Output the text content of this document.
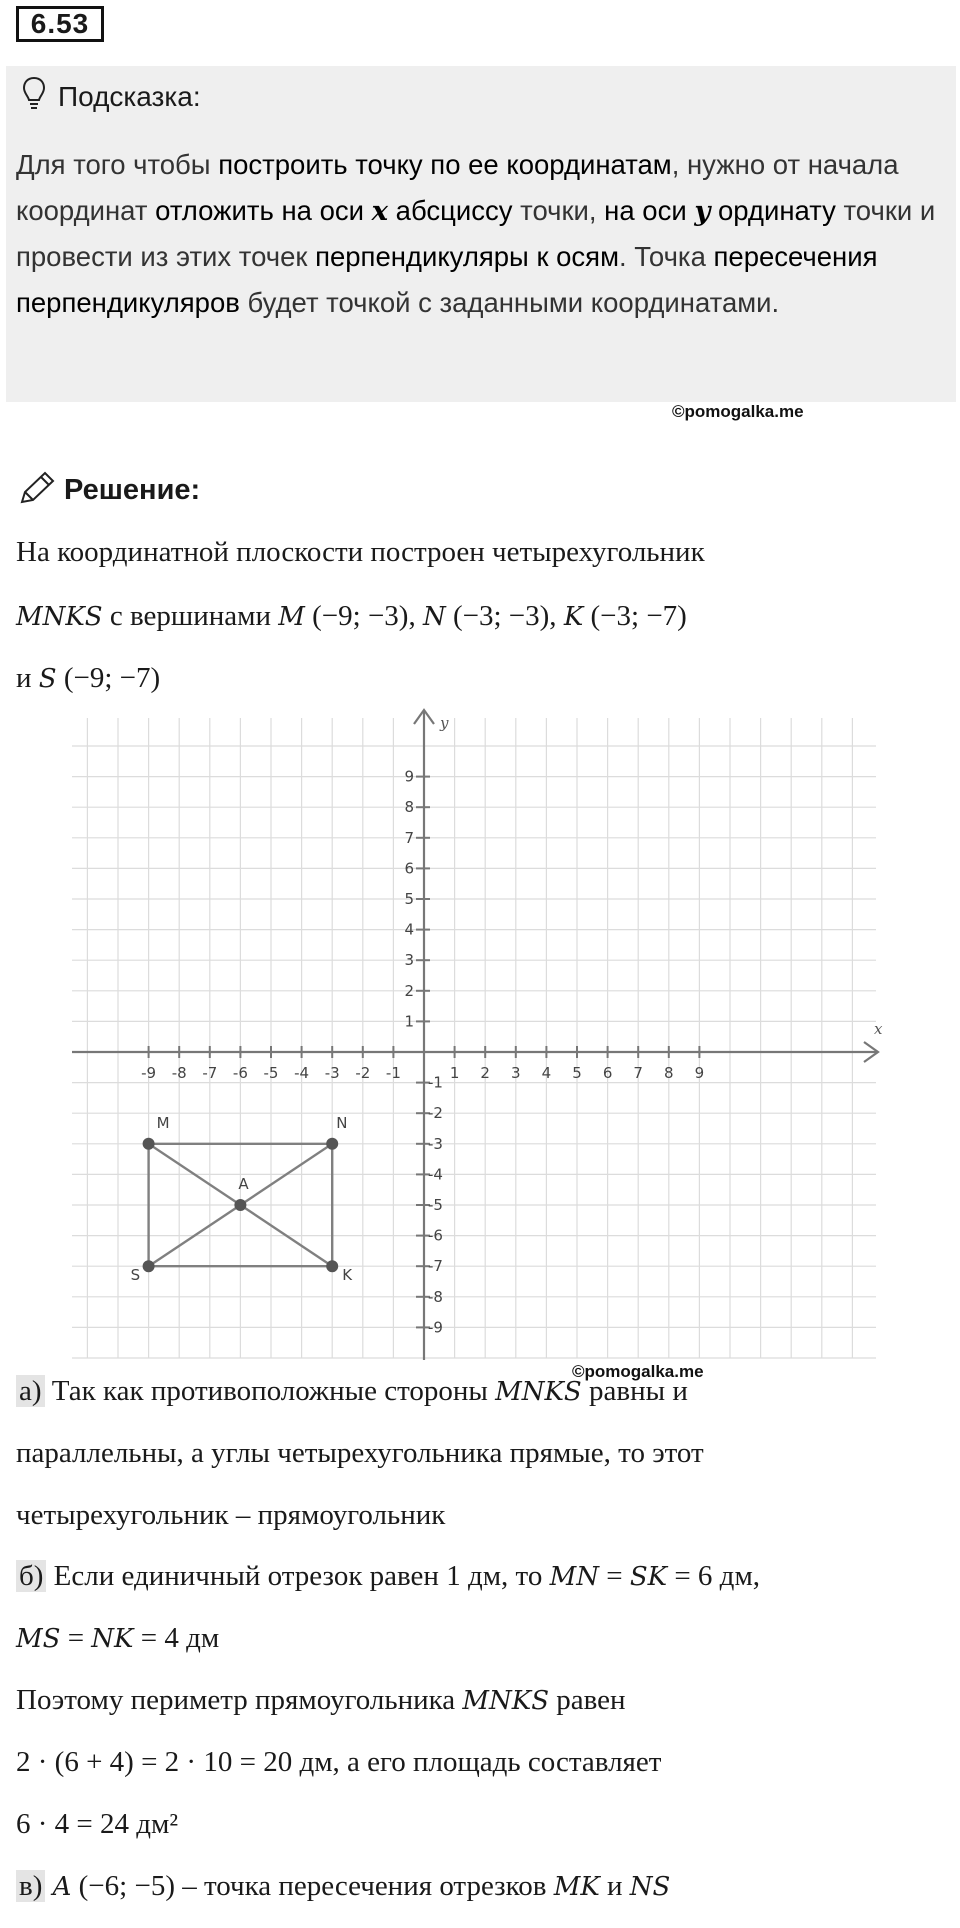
6.53
Подсказка:
Для того чтобы построить точку по ее координатам, нужно от начала координат отложить на оси x абсциссу точки, на оси y ординату точки и провести из этих точек перпендикуляры к осям. Точка пересечения перпендикуляров будет точкой с заданными координатами.
©pomogalka.me
Решение:
На координатной плоскости построен четырехугольник
MNKS с вершинами M (−9; −3), N (−3; −3), K (−3; −7)
и S (−9; −7)
а) Так как противоположные стороны MNKS равны и
параллельны, а углы четырехугольника прямые, то этот
четырехугольник – прямоугольник
б) Если единичный отрезок равен 1 дм, то MN = SK = 6 дм,
MS = NK = 4 дм
Поэтому периметр прямоугольника MNKS равен
2 · (6 + 4) = 2 · 10 = 20 дм, а его площадь составляет
6 · 4 = 24 дм²
в) A (−6; −5) – точка пересечения отрезков MK и NS
x
y
-9 -8 -7 -6 -5 -4 -3 -2 -1	1 2 3 4 5 6 7 8 9
9
8
7
6
5
4
3
2
1
-1
-2
-3
-4
-5
-6
-7
-8
-9
M	N
K
S
A
©pomogalka.me
